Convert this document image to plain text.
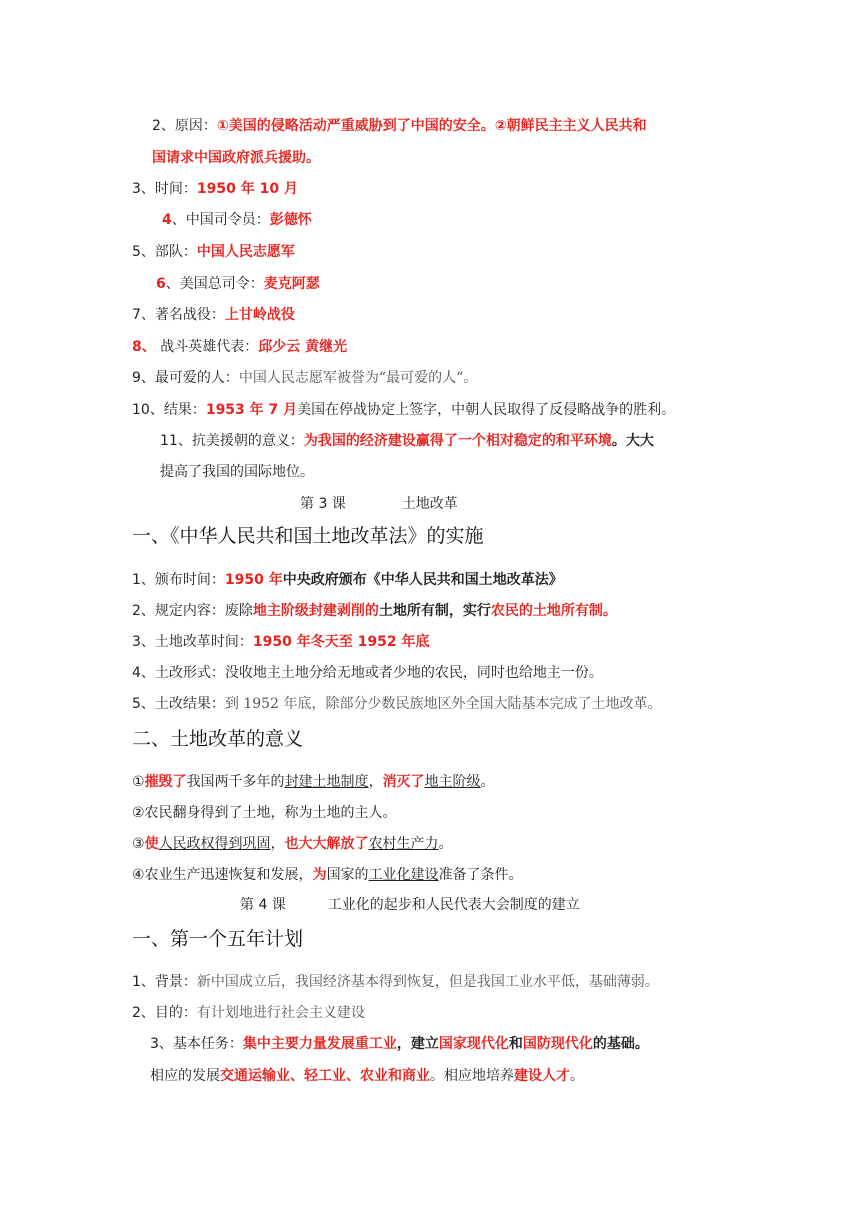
2、原因：①美国的侵略活动严重威胁到了中国的安全。②朝鲜民主主义人民共和
国请求中国政府派兵援助。
3、时间：1950 年 10 月
4、中国司令员：彭德怀
5、部队：中国人民志愿军
6、美国总司令：麦克阿瑟
7、著名战役：上甘岭战役
8、 战斗英雄代表：邱少云 黄继光
9、最可爱的人：中国人民志愿军被誉为“最可爱的人“。
10、结果：1953 年 7 月美国在停战协定上签字，中朝人民取得了反侵略战争的胜利。
11、抗美援朝的意义：为我国的经济建设赢得了一个相对稳定的和平环境。大大
提高了我国的国际地位。
第 3 课	土地改革
一、《中华人民共和国土地改革法》的实施
1、颁布时间：1950 年中央政府颁布《中华人民共和国土地改革法》
2、规定内容：废除地主阶级封建剥削的土地所有制，实行农民的土地所有制。
3、土地改革时间：1950 年冬天至 1952 年底
4、土改形式：没收地主土地分给无地或者少地的农民，同时也给地主一份。
5、土改结果：到 1952 年底，除部分少数民族地区外全国大陆基本完成了土地改革。
二、土地改革的意义
①摧毁了我国两千多年的封建土地制度，消灭了地主阶级。
②农民翻身得到了土地，称为土地的主人。
③使人民政权得到巩固，也大大解放了农村生产力。
④农业生产迅速恢复和发展，为国家的工业化建设准备了条件。
第 4 课	工业化的起步和人民代表大会制度的建立
一、第一个五年计划
1、背景：新中国成立后，我国经济基本得到恢复，但是我国工业水平低，基础薄弱。
2、目的：有计划地进行社会主义建设
3、基本任务：集中主要力量发展重工业，建立国家现代化和国防现代化的基础。
相应的发展交通运输业、轻工业、农业和商业。相应地培养建设人才。
